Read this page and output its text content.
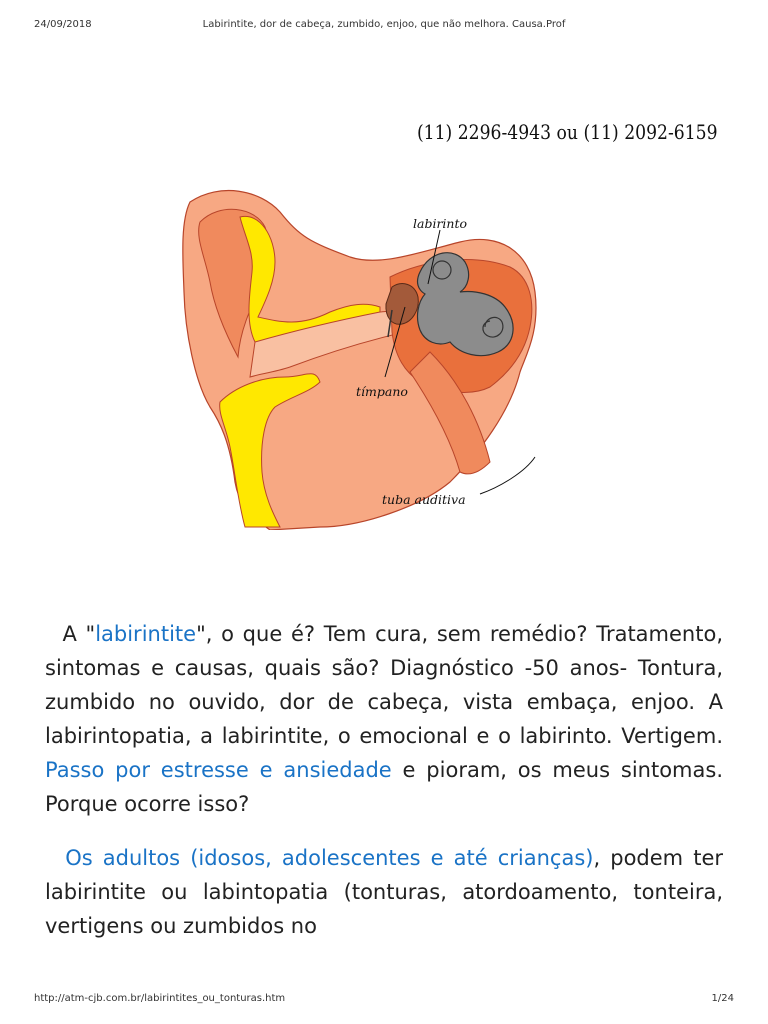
24/09/2018	Labirintite, dor de cabeça, zumbido, enjoo, que não melhora. Causa.Prof
(11) 2296-4943 ou (11) 2092-6159
labirinto
tímpano
tuba auditiva

A "labirintite", o que é? Tem cura, sem remédio? Tratamento, sintomas e causas, quais são? Diagnóstico -50 anos- Tontura, zumbido no ouvido, dor de cabeça, vista embaça, enjoo. A labirintopatia, a labirintite, o emocional e o labirinto. Vertigem. Passo por estresse e ansiedade e pioram, os meus sintomas. Porque ocorre isso?

Os adultos (idosos, adolescentes e até crianças), podem ter labirintite ou labintopatia (tonturas, atordoamento, tonteira, vertigens ou zumbidos no

http://atm-cjb.com.br/labirintites_ou_tonturas.htm	1/24
